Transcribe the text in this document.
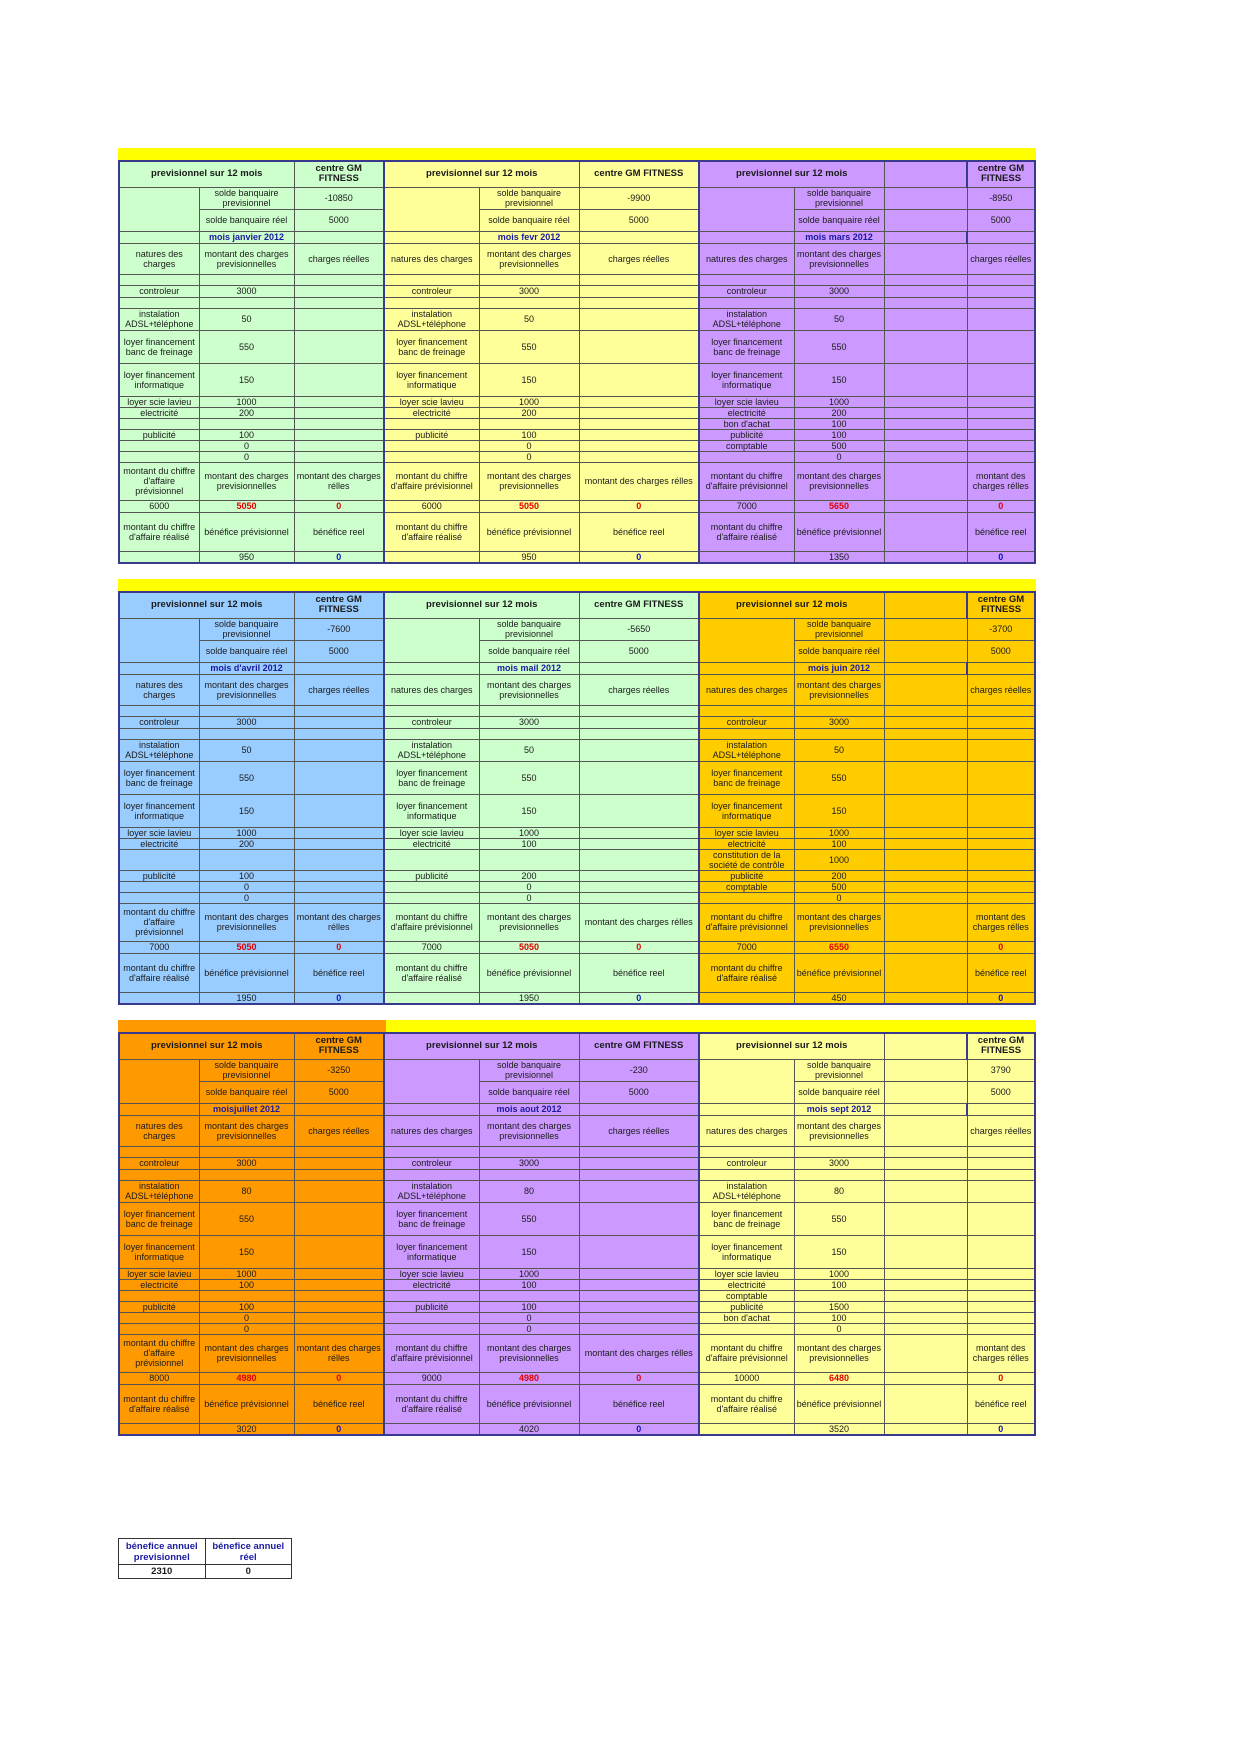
previsionnel sur 12 mois		centre GM FITNESS	previsionnel sur 12 mois		centre GM FITNESS	previsionnel sur 12 mois			centre GM FITNESS
	solde banquaire previsionnel	-10850		solde banquaire previsionnel	-9900		solde banquaire previsionnel		-8950
	solde banquaire réel	5000		solde banquaire réel	5000		solde banquaire réel		5000
	mois janvier 2012			mois fevr 2012			mois mars 2012		
natures des charges	montant des charges previsionnelles	charges réelles	natures des charges	montant des charges previsionnelles	charges réelles	natures des charges	montant des charges previsionnelles		charges réelles

controleur	3000		controleur	3000		controleur	3000		

instalation ADSL+téléphone	50		instalation ADSL+téléphone	50		instalation ADSL+téléphone	50		
loyer financement banc de freinage	550		loyer financement banc de freinage	550		loyer financement banc de freinage	550		
loyer financement informatique	150		loyer financement informatique	150		loyer financement informatique	150		
loyer scie lavieu	1000		loyer scie lavieu	1000		loyer scie lavieu	1000		
electricité	200		electricité	200		electricité	200		
						bon d'achat	100		
publicité	100		publicité	100		publicité	100		
	0			0		comptable	500		
	0			0			0		
montant du chiffre d'affaire prévisionnel	montant des charges previsionnelles	montant des charges rélles	montant du chiffre d'affaire prévisionnel	montant des charges previsionnelles	montant des charges rélles	montant du chiffre d'affaire prévisionnel	montant des charges previsionnelles		montant des charges rélles
6000	5050	0	6000	5050	0	7000	5650		0
montant du chiffre d'affaire réalisé	bénéfice prévisionnel	bénéfice reel	montant du chiffre d'affaire réalisé	bénéfice prévisionnel	bénéfice reel	montant du chiffre d'affaire réalisé	bénéfice prévisionnel		bénéfice reel
	950	0		950	0		1350		0
previsionnel sur 12 mois		centre GM FITNESS	previsionnel sur 12 mois		centre GM FITNESS	previsionnel sur 12 mois			centre GM FITNESS
	solde banquaire previsionnel	-7600		solde banquaire previsionnel	-5650		solde banquaire previsionnel		-3700
	solde banquaire réel	5000		solde banquaire réel	5000		solde banquaire réel		5000
	mois d'avril 2012			mois mail 2012			mois juin 2012		
natures des charges	montant des charges previsionnelles	charges réelles	natures des charges	montant des charges previsionnelles	charges réelles	natures des charges	montant des charges previsionnelles		charges réelles

controleur	3000		controleur	3000		controleur	3000		

instalation ADSL+téléphone	50		instalation ADSL+téléphone	50		instalation ADSL+téléphone	50		
loyer financement banc de freinage	550		loyer financement banc de freinage	550		loyer financement banc de freinage	550		
loyer financement informatique	150		loyer financement informatique	150		loyer financement informatique	150		
loyer scie lavieu	1000		loyer scie lavieu	1000		loyer scie lavieu	1000		
electricité	200		electricité	100		electricité	100		
						constitution de la société de contrôle	1000		
publicité	100		publicité	200		publicité	200		
	0			0		comptable	500		
	0			0			0		
montant du chiffre d'affaire prévisionnel	montant des charges previsionnelles	montant des charges rélles	montant du chiffre d'affaire prévisionnel	montant des charges previsionnelles	montant des charges rélles	montant du chiffre d'affaire prévisionnel	montant des charges previsionnelles		montant des charges rélles
7000	5050	0	7000	5050	0	7000	6550		0
montant du chiffre d'affaire réalisé	bénéfice prévisionnel	bénéfice reel	montant du chiffre d'affaire réalisé	bénéfice prévisionnel	bénéfice reel	montant du chiffre d'affaire réalisé	bénéfice prévisionnel		bénéfice reel
	1950	0		1950	0		450		0
previsionnel sur 12 mois		centre GM FITNESS	previsionnel sur 12 mois		centre GM FITNESS	previsionnel sur 12 mois			centre GM FITNESS
	solde banquaire previsionnel	-3250		solde banquaire previsionnel	-230		solde banquaire previsionnel		3790
	solde banquaire réel	5000		solde banquaire réel	5000		solde banquaire réel		5000
	moisjuillet 2012			mois aout 2012			mois sept 2012		
natures des charges	montant des charges previsionnelles	charges réelles	natures des charges	montant des charges previsionnelles	charges réelles	natures des charges	montant des charges previsionnelles		charges réelles

controleur	3000		controleur	3000		controleur	3000		

instalation ADSL+téléphone	80		instalation ADSL+téléphone	80		instalation ADSL+téléphone	80		
loyer financement banc de freinage	550		loyer financement banc de freinage	550		loyer financement banc de freinage	550		
loyer financement informatique	150		loyer financement informatique	150		loyer financement informatique	150		
loyer scie lavieu	1000		loyer scie lavieu	1000		loyer scie lavieu	1000		
electricité	100		electricité	100		electricité	100		
						comptable			
publicité	100		publicité	100		publicité	1500		
	0			0		bon d'achat	100		
	0			0			0		
montant du chiffre d'affaire prévisionnel	montant des charges previsionnelles	montant des charges rélles	montant du chiffre d'affaire prévisionnel	montant des charges previsionnelles	montant des charges rélles	montant du chiffre d'affaire prévisionnel	montant des charges previsionnelles		montant des charges rélles
8000	4980	0	9000	4980	0	10000	6480		0
montant du chiffre d'affaire réalisé	bénéfice prévisionnel	bénéfice reel	montant du chiffre d'affaire réalisé	bénéfice prévisionnel	bénéfice reel	montant du chiffre d'affaire réalisé	bénéfice prévisionnel		bénéfice reel
	3020	0		4020	0		3520		0
bénefice annuel previsionnel	bénefice annuel réel
2310	0
